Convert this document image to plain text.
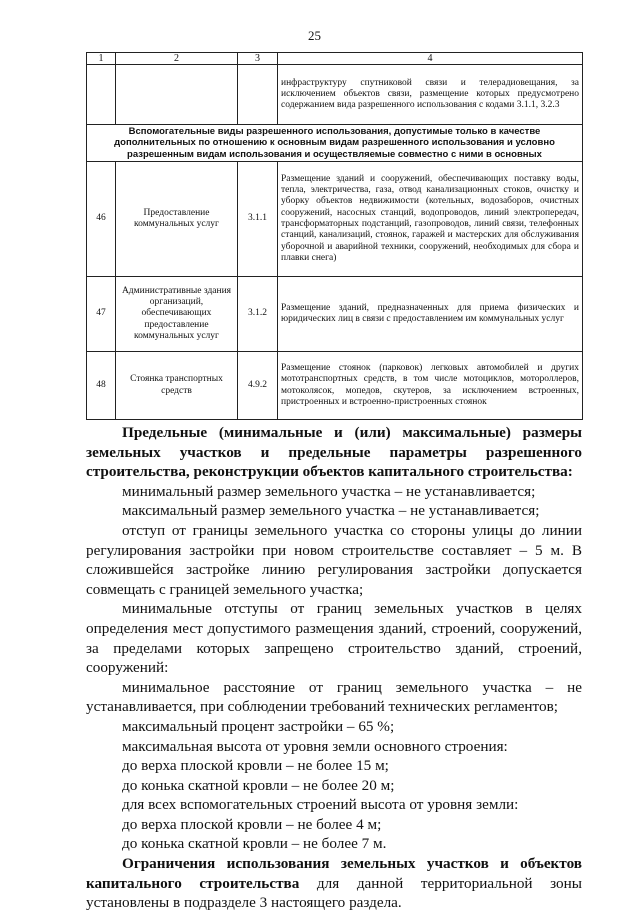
25
1	2	3	4
			инфраструктуру спутниковой связи и телерадиовещания, за исключением объектов связи, размещение которых предусмотрено содержанием вида разрешенного использования с кодами 3.1.1, 3.2.3
Вспомогательные виды разрешенного использования, допустимые только в качестве дополнительных по отношению к основным видам разрешенного использования и условно разрешенным видам использования и осуществляемые совместно с ними в основных			
46	Предоставление коммунальных услуг	3.1.1	Размещение зданий и сооружений, обеспечивающих поставку воды, тепла, электричества, газа, отвод канализационных стоков, очистку и уборку объектов недвижимости (котельных, водозаборов, очистных сооружений, насосных станций, водопроводов, линий электропередач, трансформаторных подстанций, газопроводов, линий связи, телефонных станций, канализаций, стоянок, гаражей и мастерских для обслуживания уборочной и аварийной техники, сооружений, необходимых для сбора и плавки снега)
47	Административные здания организаций, обеспечивающих предоставление коммунальных услуг	3.1.2	Размещение зданий, предназначенных для приема физических и юридических лиц в связи с предоставлением им коммунальных услуг
48	Стоянка транспортных средств	4.9.2	Размещение стоянок (парковок) легковых автомобилей и других мототранспортных средств, в том числе мотоциклов, мотороллеров, мотоколясок, мопедов, скутеров, за исключением встроенных, пристроенных и встроенно-пристроенных стоянок

Предельные (минимальные и (или) максимальные) размеры земельных участков и предельные параметры разрешенного строительства, реконструкции объектов капитального строительства:

минимальный размер земельного участка – не устанавливается;

максимальный размер земельного участка – не устанавливается;

отступ от границы земельного участка со стороны улицы до линии регулирования застройки при новом строительстве составляет – 5 м. В сложившейся застройке линию регулирования застройки допускается совмещать с границей земельного участка;

минимальные отступы от границ земельных участков в целях определения мест допустимого размещения зданий, строений, сооружений, за пределами которых запрещено строительство зданий, строений, сооружений:

минимальное расстояние от границ земельного участка – не устанавливается, при соблюдении требований технических регламентов;

максимальный процент застройки – 65 %;

максимальная высота от уровня земли основного строения:

до верха плоской кровли – не более 15 м;

до конька скатной кровли – не более 20 м;

для всех вспомогательных строений высота от уровня земли:

до верха плоской кровли – не более 4 м;

до конька скатной кровли – не более 7 м.

Ограничения использования земельных участков и объектов капитального строительства для данной территориальной зоны установлены в подразделе 3 настоящего раздела.
